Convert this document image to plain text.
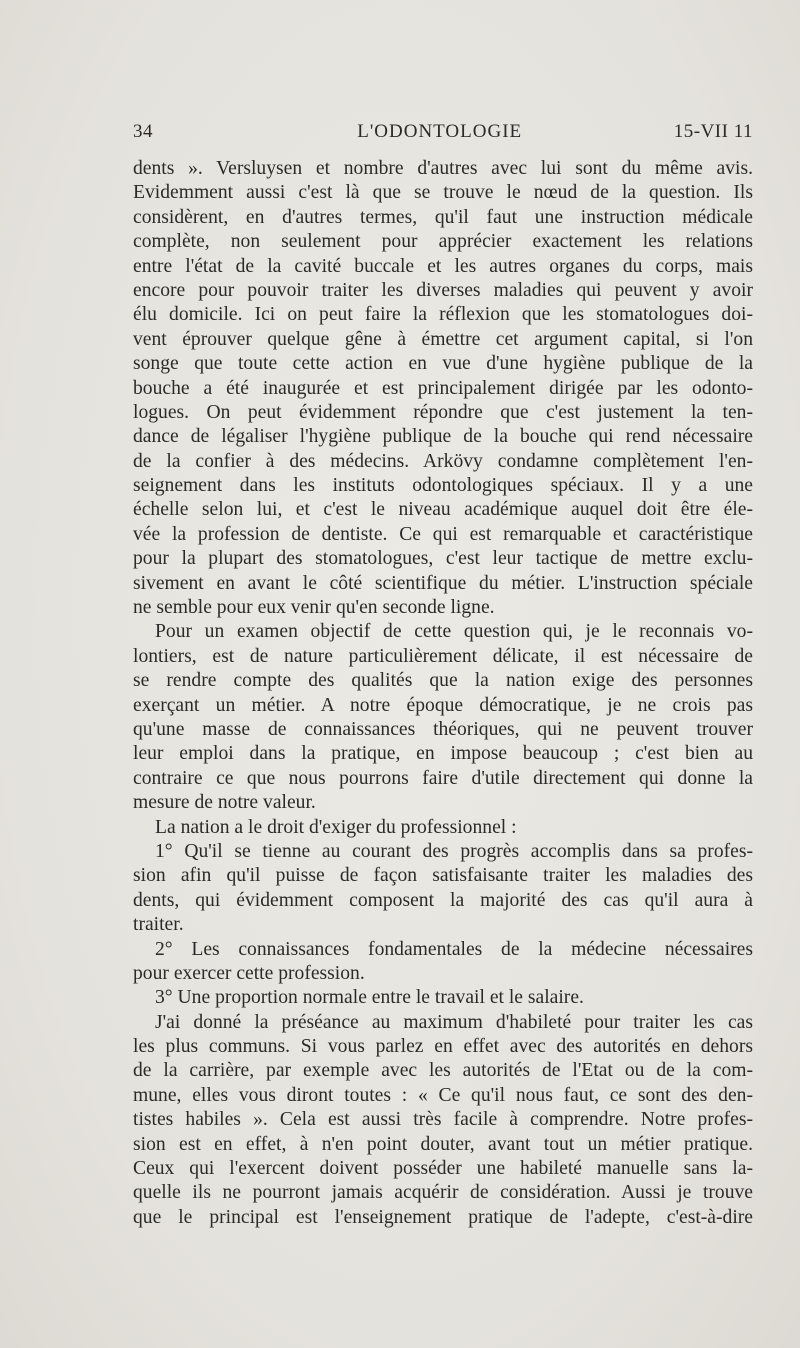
34	L'ODONTOLOGIE	15-VII 11
dents ». Versluysen et nombre d'autres avec lui sont du même avis.
Evidemment aussi c'est là que se trouve le nœud de la question. Ils
considèrent, en d'autres termes, qu'il faut une instruction médicale
complète, non seulement pour apprécier exactement les relations
entre l'état de la cavité buccale et les autres organes du corps, mais
encore pour pouvoir traiter les diverses maladies qui peuvent y avoir
élu domicile. Ici on peut faire la réflexion que les stomatologues doi-
vent éprouver quelque gêne à émettre cet argument capital, si l'on
songe que toute cette action en vue d'une hygiène publique de la
bouche a été inaugurée et est principalement dirigée par les odonto-
logues. On peut évidemment répondre que c'est justement la ten-
dance de légaliser l'hygiène publique de la bouche qui rend nécessaire
de la confier à des médecins. Arkövy condamne complètement l'en-
seignement dans les instituts odontologiques spéciaux. Il y a une
échelle selon lui, et c'est le niveau académique auquel doit être éle-
vée la profession de dentiste. Ce qui est remarquable et caractéristique
pour la plupart des stomatologues, c'est leur tactique de mettre exclu-
sivement en avant le côté scientifique du métier. L'instruction spéciale
ne semble pour eux venir qu'en seconde ligne.
Pour un examen objectif de cette question qui, je le reconnais vo-
lontiers, est de nature particulièrement délicate, il est nécessaire de
se rendre compte des qualités que la nation exige des personnes
exerçant un métier. A notre époque démocratique, je ne crois pas
qu'une masse de connaissances théoriques, qui ne peuvent trouver
leur emploi dans la pratique, en impose beaucoup ; c'est bien au
contraire ce que nous pourrons faire d'utile directement qui donne la
mesure de notre valeur.
La nation a le droit d'exiger du professionnel :
1° Qu'il se tienne au courant des progrès accomplis dans sa profes-
sion afin qu'il puisse de façon satisfaisante traiter les maladies des
dents, qui évidemment composent la majorité des cas qu'il aura à
traiter.
2° Les connaissances fondamentales de la médecine nécessaires
pour exercer cette profession.
3° Une proportion normale entre le travail et le salaire.
J'ai donné la préséance au maximum d'habileté pour traiter les cas
les plus communs. Si vous parlez en effet avec des autorités en dehors
de la carrière, par exemple avec les autorités de l'Etat ou de la com-
mune, elles vous diront toutes : « Ce qu'il nous faut, ce sont des den-
tistes habiles ». Cela est aussi très facile à comprendre. Notre profes-
sion est en effet, à n'en point douter, avant tout un métier pratique.
Ceux qui l'exercent doivent posséder une habileté manuelle sans la-
quelle ils ne pourront jamais acquérir de considération. Aussi je trouve
que le principal est l'enseignement pratique de l'adepte, c'est-à-dire
